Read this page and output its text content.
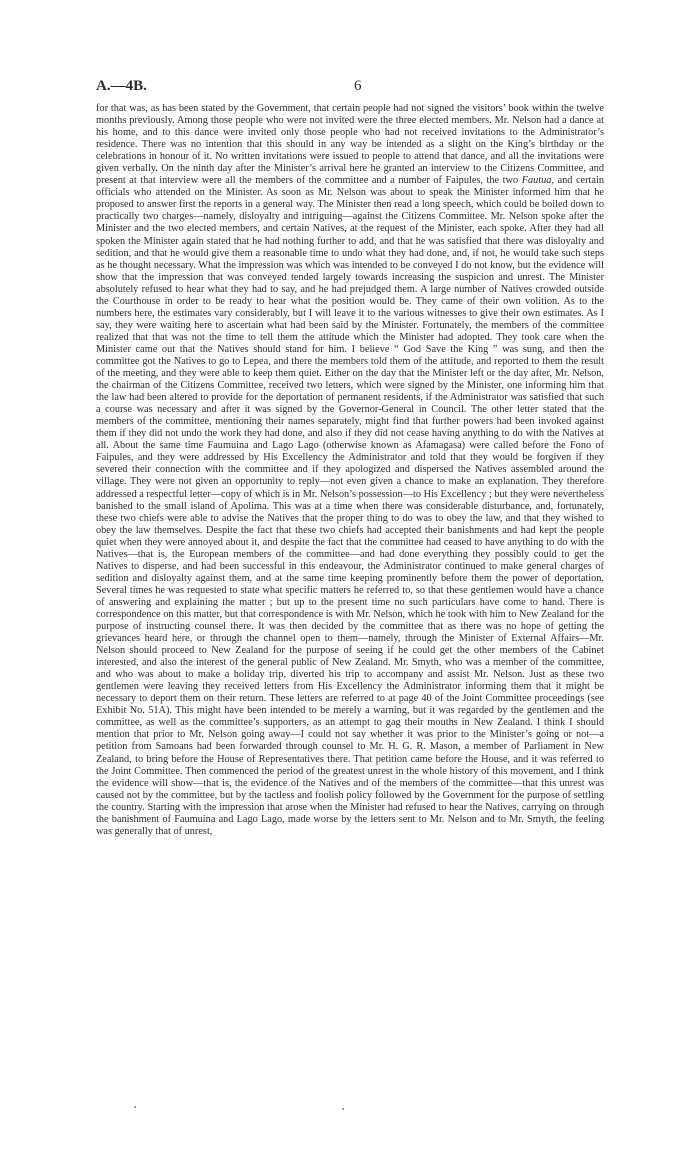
A.—4B.	6

for that was, as has been stated by the Government, that certain people had not signed the visitors’ book within the twelve months previously. Among those people who were not invited were the three elected members. Mr. Nelson had a dance at his home, and to this dance were invited only those people who had not received invitations to the Administrator’s residence. There was no intention that this should in any way be intended as a slight on the King’s birthday or the celebrations in honour of it. No written invitations were issued to people to attend that dance, and all the invitations were given verbally. On the ninth day after the Minister’s arrival here he granted an interview to the Citizens Committee, and present at that interview were all the members of the committee and a number of Faipules, the two Fautua, and certain officials who attended on the Minister. As soon as Mr. Nelson was about to speak the Minister informed him that he proposed to answer first the reports in a general way. The Minister then read a long speech, which could be boiled down to practically two charges—namely, disloyalty and intriguing—against the Citizens Committee. Mr. Nelson spoke after the Minister and the two elected members, and certain Natives, at the request of the Minister, each spoke. After they had all spoken the Minister again stated that he had nothing further to add, and that he was satisfied that there was disloyalty and sedition, and that he would give them a reasonable time to undo what they had done, and, if not, he would take such steps as he thought necessary. What the impression was which was intended to be conveyed I do not know, but the evidence will show that the impression that was conveyed tended largely towards increasing the suspicion and unrest. The Minister absolutely refused to hear what they had to say, and he had prejudged them. A large number of Natives crowded outside the Courthouse in order to be ready to hear what the position would be. They came of their own volition. As to the numbers here, the estimates vary considerably, but I will leave it to the various witnesses to give their own estimates. As I say, they were waiting here to ascertain what had been said by the Minister. Fortunately, the members of the committee realized that that was not the time to tell them the attitude which the Minister had adopted. They took care when the Minister came out that the Natives should stand for him. I believe “ God Save the King ” was sung, and then the committee got the Natives to go to Lepea, and there the members told them of the attitude, and reported to them the result of the meeting, and they were able to keep them quiet. Either on the day that the Minister left or the day after, Mr. Nelson, the chairman of the Citizens Committee, received two letters, which were signed by the Minister, one informing him that the law had been altered to provide for the deportation of permanent residents, if the Administrator was satisfied that such a course was necessary and after it was signed by the Governor-General in Council. The other letter stated that the members of the committee, mentioning their names separately, might find that further powers had been invoked against them if they did not undo the work they had done, and also if they did not cease having anything to do with the Natives at all. About the same time Faumuina and Lago Lago (otherwise known as Afamagasa) were called before the Fono of Faipules, and they were addressed by His Excellency the Administrator and told that they would be forgiven if they severed their connection with the committee and if they apologized and dispersed the Natives assembled around the village. They were not given an opportunity to reply—not even given a chance to make an explanation. They therefore addressed a respectful letter—copy of which is in Mr. Nelson’s possession—to His Excellency ; but they were nevertheless banished to the small island of Apolima. This was at a time when there was considerable disturbance, and, fortunately, these two chiefs were able to advise the Natives that the proper thing to do was to obey the law, and that they wished to obey the law themselves. Despite the fact that these two chiefs had accepted their banishments and had kept the people quiet when they were annoyed about it, and despite the fact that the committee had ceased to have anything to do with the Natives—that is, the European members of the committee—and had done everything they possibly could to get the Natives to disperse, and had been successful in this endeavour, the Administrator continued to make general charges of sedition and disloyalty against them, and at the same time keeping prominently before them the power of deportation. Several times he was requested to state what specific matters he referred to, so that these gentlemen would have a chance of answering and explaining the matter ; but up to the present time no such particulars have come to hand. There is correspondence on this matter, but that correspondence is with Mr. Nelson, which he took with him to New Zealand for the purpose of instructing counsel there. It was then decided by the committee that as there was no hope of getting the grievances heard here, or through the channel open to them—namely, through the Minister of External Affairs—Mr. Nelson should proceed to New Zealand for the purpose of seeing if he could get the other members of the Cabinet interested, and also the interest of the general public of New Zealand. Mr. Smyth, who was a member of the committee, and who was about to make a holiday trip, diverted his trip to accompany and assist Mr. Nelson. Just as these two gentlemen were leaving they received letters from His Excellency the Administrator informing them that it might be necessary to deport them on their return. These letters are referred to at page 40 of the Joint Committee proceedings (see Exhibit No. 51A). This might have been intended to be merely a warning, but it was regarded by the gentlemen and the committee, as well as the committee’s supporters, as an attempt to gag their mouths in New Zealand. I think I should mention that prior to Mr. Nelson going away—I could not say whether it was prior to the Minister’s going or not—a petition from Samoans had been forwarded through counsel to Mr. H. G. R. Mason, a member of Parliament in New Zealand, to bring before the House of Representatives there. That petition came before the House, and it was referred to the Joint Committee. Then commenced the period of the greatest unrest in the whole history of this movement, and I think the evidence will show—that is, the evidence of the Natives and of the members of the committee—that this unrest was caused not by the committee, but by the tactless and foolish policy followed by the Government for the purpose of settling the country. Starting with the impression that arose when the Minister had refused to hear the Natives, carrying on through the banishment of Faumuina and Lago Lago, made worse by the letters sent to Mr. Nelson and to Mr. Smyth, the feeling was generally that of unrest,
